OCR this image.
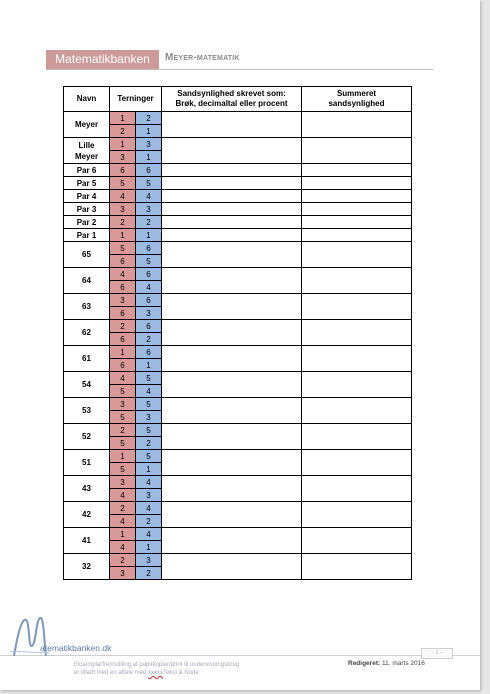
Matematikbanken	Meyer-matematik
Navn	Terninger		Sandsynlighed skrevet som:
Brøk, decimaltal eller procent	Summeret
sandsynlighed
Meyer	1	2		
	2	1		
Lille
Meyer	1	3		
	3	1		
Par 6	6	6		
Par 5	5	5		
Par 4	4	4		
Par 3	3	3		
Par 2	2	2		
Par 1	1	1		
65	5	6		
	6	5		
64	4	6		
	6	4		
63	3	6		
	6	3		
62	2	6		
	6	2		
61	1	6		
	6	1		
54	4	5		
	5	4		
53	3	5		
	5	3		
52	2	5		
	5	2		
51	1	5		
	5	1		
43	3	4		
	4	3		
42	2	4		
	4	2		
41	1	4		
	4	1		
32	2	3		
	3	2		
atematikbanken.dk
Eksemplarfremstilling af papirkopier/print til undervisningsbrug
er tilladt med en aftale med xxxxxTekst & Node
Redigeret: 11. marts 2016
- 1 -
